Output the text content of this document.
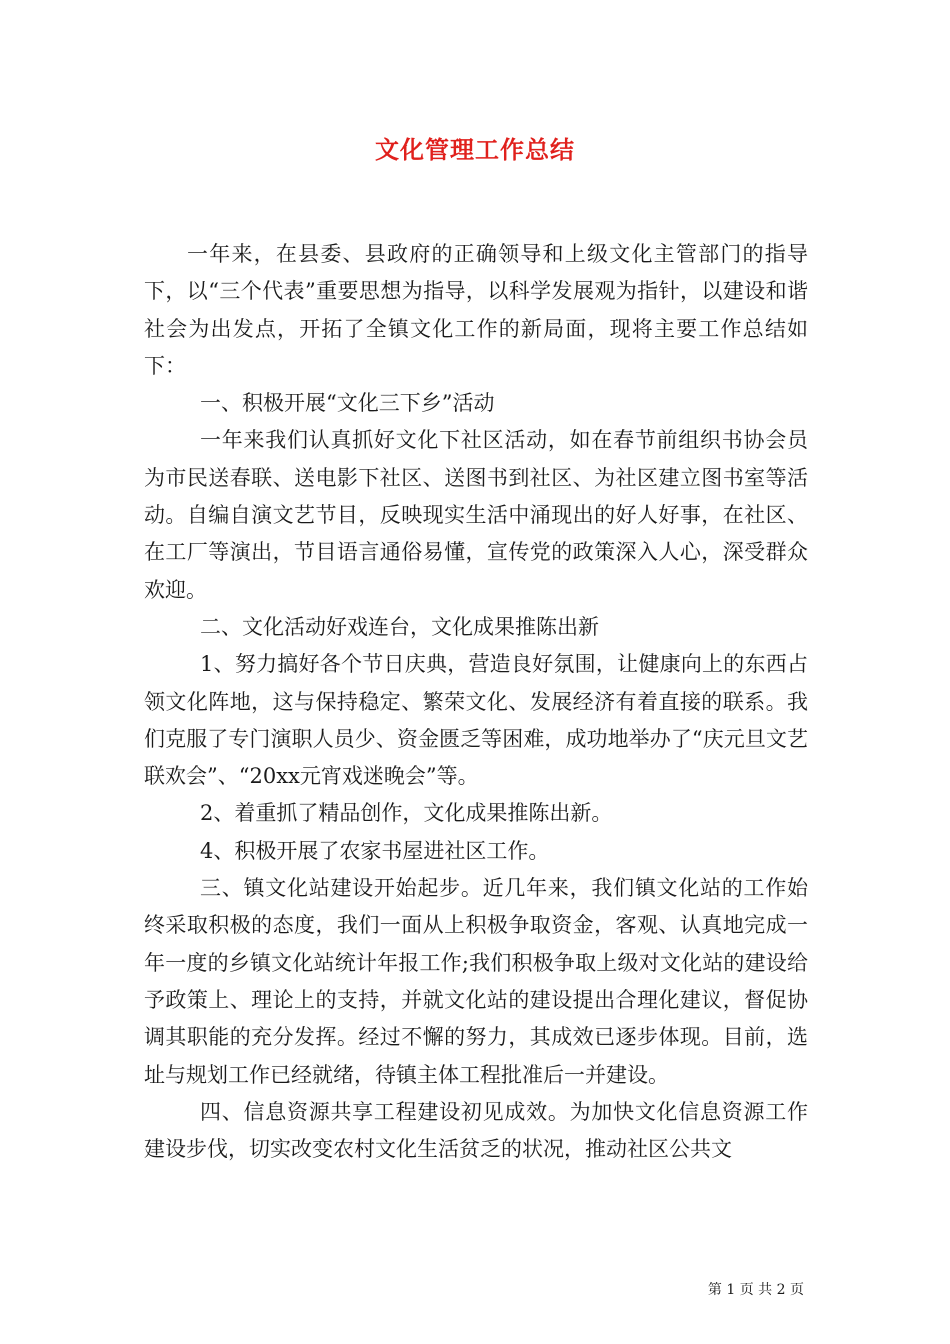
文化管理工作总结

一年来，在县委、县政府的正确领导和上级文化主管部门的指导下，以“三个代表”重要思想为指导，以科学发展观为指针，以建设和谐社会为出发点，开拓了全镇文化工作的新局面，现将主要工作总结如下：

一、积极开展“文化三下乡”活动

一年来我们认真抓好文化下社区活动，如在春节前组织书协会员为市民送春联、送电影下社区、送图书到社区、为社区建立图书室等活动。自编自演文艺节目，反映现实生活中涌现出的好人好事，在社区、在工厂等演出，节目语言通俗易懂，宣传党的政策深入人心，深受群众欢迎。

二、文化活动好戏连台，文化成果推陈出新

1、努力搞好各个节日庆典，营造良好氛围，让健康向上的东西占领文化阵地，这与保持稳定、繁荣文化、发展经济有着直接的联系。我们克服了专门演职人员少、资金匮乏等困难，成功地举办了“庆元旦文艺联欢会”、“20xx元宵戏迷晚会”等。

2、着重抓了精品创作，文化成果推陈出新。

4、积极开展了农家书屋进社区工作。

三、镇文化站建设开始起步。近几年来，我们镇文化站的工作始终采取积极的态度，我们一面从上积极争取资金，客观、认真地完成一年一度的乡镇文化站统计年报工作;我们积极争取上级对文化站的建设给予政策上、理论上的支持，并就文化站的建设提出合理化建议，督促协调其职能的充分发挥。经过不懈的努力，其成效已逐步体现。目前，选址与规划工作已经就绪，待镇主体工程批准后一并建设。

四、信息资源共享工程建设初见成效。为加快文化信息资源工作建设步伐，切实改变农村文化生活贫乏的状况，推动社区公共文

第 1 页 共 2 页
